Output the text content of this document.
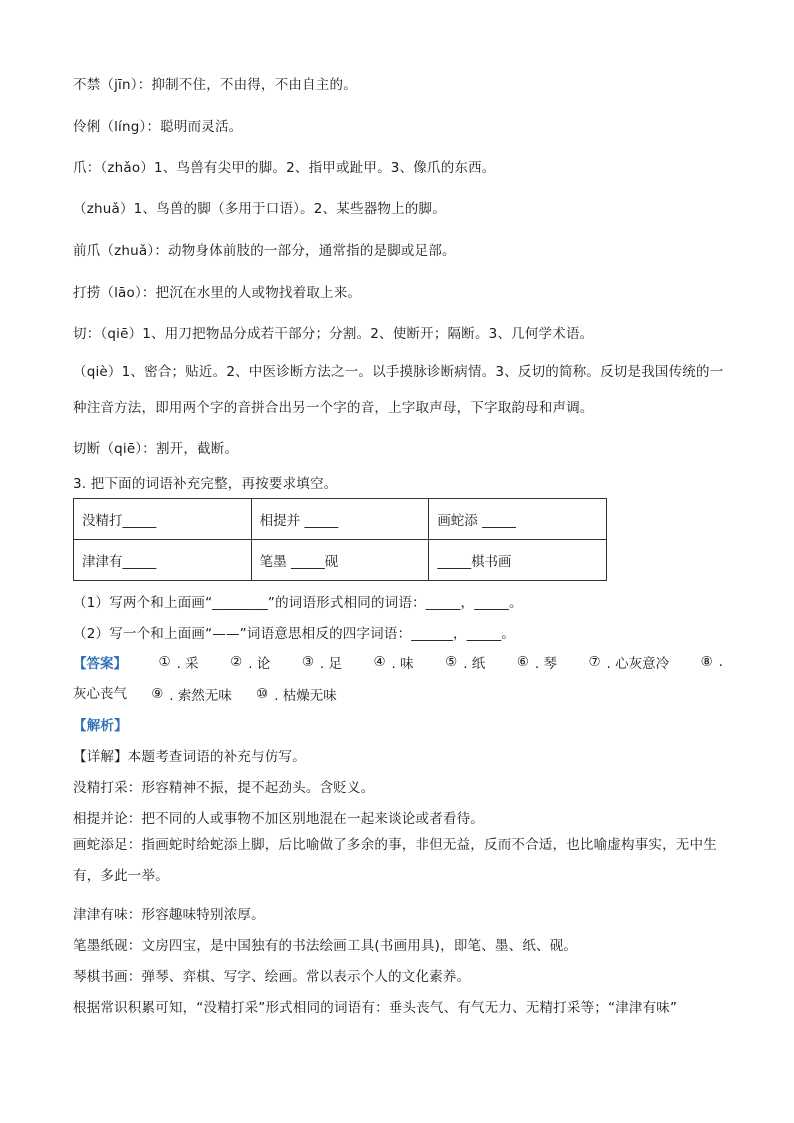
不禁（jīn）：抑制不住，不由得，不由自主的。
伶俐（líng）：聪明而灵活。
爪：（zhǎo）1、鸟兽有尖甲的脚。2、指甲或趾甲。3、像爪的东西。
（zhuǎ）1、鸟兽的脚（多用于口语）。2、某些器物上的脚。
前爪（zhuǎ）：动物身体前肢的一部分，通常指的是脚或足部。
打捞（lāo）：把沉在水里的人或物找着取上来。
切：（qiē）1、用刀把物品分成若干部分；分割。2、使断开；隔断。3、几何学术语。
（qiè）1、密合；贴近。2、中医诊断方法之一。以手摸脉诊断病情。3、反切的简称。反切是我国传统的一种注音方法，即用两个字的音拼合出另一个字的音，上字取声母，下字取韵母和声调。
切断（qiē）：割开，截断。
3. 把下面的词语补充完整，再按要求填空。
没精打_____	相提并 _____	画蛇添 _____
津津有_____	笔墨 _____砚	_____棋书画
（1）写两个和上面画“________”的词语形式相同的词语：_____，_____。
（2）写一个和上面画“——”词语意思相反的四字词语：______，_____。
【答案】 ① . 采 ② . 论 ③ . 足 ④ . 味 ⑤ . 纸 ⑥ . 琴 ⑦ . 心灰意冷 ⑧ .
灰心丧气
⑨ . 索然无味
⑩ . 枯燥无味
【解析】
【详解】本题考查词语的补充与仿写。
没精打采：形容精神不振，提不起劲头。含贬义。
相提并论：把不同的人或事物不加区别地混在一起来谈论或者看待。
画蛇添足：指画蛇时给蛇添上脚，后比喻做了多余的事，非但无益，反而不合适，也比喻虚构事实，无中生有，多此一举。
津津有味：形容趣味特别浓厚。
笔墨纸砚：文房四宝，是中国独有的书法绘画工具(书画用具)，即笔、墨、纸、砚。
琴棋书画：弹琴、弈棋、写字、绘画。常以表示个人的文化素养。
根据常识积累可知，“没精打采”形式相同的词语有：垂头丧气、有气无力、无精打采等；“津津有味”
